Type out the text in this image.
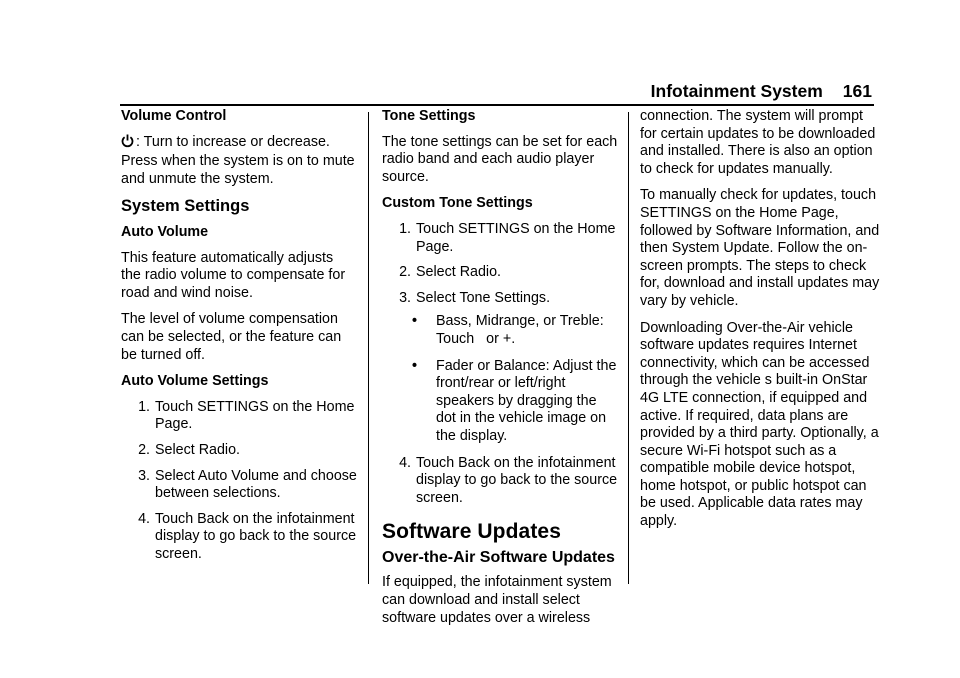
Infotainment System 161
Volume Control

: Turn to increase or decrease. Press when the system is on to mute and unmute the system.

System Settings
Auto Volume

This feature automatically adjusts the radio volume to compensate for road and wind noise.

The level of volume compensation can be selected, or the feature can be turned off.

Auto Volume Settings
1. Touch SETTINGS on the Home Page.
2. Select Radio.
3. Select Auto Volume and choose between selections.
4. Touch Back on the infotainment display to go back to the source screen.
Tone Settings

The tone settings can be set for each radio band and each audio player source.

Custom Tone Settings
1. Touch SETTINGS on the Home Page.
2. Select Radio.
3. Select Tone Settings.
•	Bass, Midrange, or Treble: Touch or +.
•	Fader or Balance: Adjust the front/rear or left/right speakers by dragging the dot in the vehicle image on the display.
4. Touch Back on the infotainment display to go back to the source screen.
Software Updates
Over-the-Air Software Updates

If equipped, the infotainment system can download and install select software updates over a wireless

connection. The system will prompt for certain updates to be downloaded and installed. There is also an option to check for updates manually.

To manually check for updates, touch SETTINGS on the Home Page, followed by Software Information, and then System Update. Follow the on-screen prompts. The steps to check for, download and install updates may vary by vehicle.

Downloading Over-the-Air vehicle software updates requires Internet connectivity, which can be accessed through the vehicle s built-in OnStar 4G LTE connection, if equipped and active. If required, data plans are provided by a third party. Optionally, a secure Wi-Fi hotspot such as a compatible mobile device hotspot, home hotspot, or public hotspot can be used. Applicable data rates may apply.
